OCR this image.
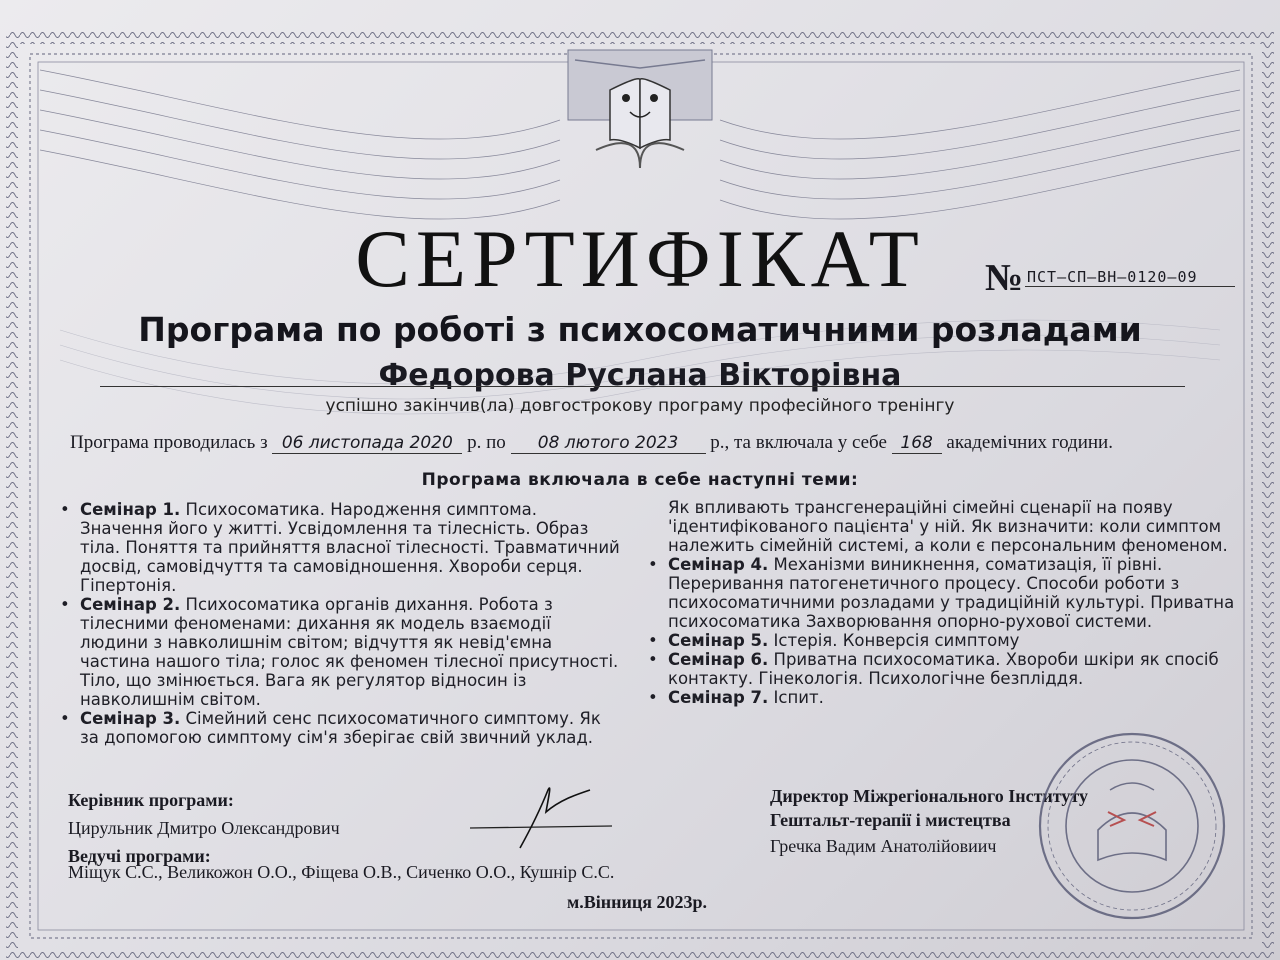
СЕРТИФІКАТ	№ ПСТ–СП–ВН–0120–09
Програма по роботі з психосоматичними розладами
Федорова Руслана Вікторівна
успішно закінчив(ла) довгострокову програму професійного тренінгу
Програма проводилась з 06 листопада 2020 р. по 08 лютого 2023 р., та включала у себе 168 академічних години.
Програма включала в себе наступні теми:

• Семінар 1. Психосоматика. Народження симптома. Значення його у житті. Усвідомлення та тілесність. Образ тіла. Поняття та прийняття власної тілесності. Травматичний досвід, самовідчуття та самовідношення. Хвороби серця. Гіпертонія.

• Семінар 2. Психосоматика органів дихання. Робота з тілесними феноменами: дихання як модель взаємодії людини з навколишнім світом; відчуття як невід'ємна частина нашого тіла; голос як феномен тілесної присутності. Тіло, що змінюється. Вага як регулятор відносин із навколишнім світом.

• Семінар 3. Сімейний сенс психосоматичного симптому. Як за допомогою симптому сім'я зберігає свій звичний уклад.

Як впливають трансгенераційні сімейні сценарії на появу 'ідентифікованого пацієнта' у ній. Як визначити: коли симптом належить сімейній системі, а коли є персональним феноменом.

• Семінар 4. Механізми виникнення, соматизація, її рівні. Переривання патогенетичного процесу. Способи роботи з психосоматичними розладами у традиційній культурі. Приватна психосоматика Захворювання опорно-рухової системи.

• Семінар 5. Істерія. Конверсія симптому

• Семінар 6. Приватна психосоматика. Хвороби шкіри як спосіб контакту. Гінекологія. Психологічне безпліддя.

• Семінар 7. Іспит.

Керівник програми:
Цирульник Дмитро Олександрович
Ведучі програми:
Міщук С.С., Великожон О.О., Фіщева О.В., Сиченко О.О., Кушнір С.С.
м.Вінниця 2023р.
Директор Міжрегіонального Інституту
Гештальт-терапії і мистецтва
Гречка Вадим Анатолійовиич
